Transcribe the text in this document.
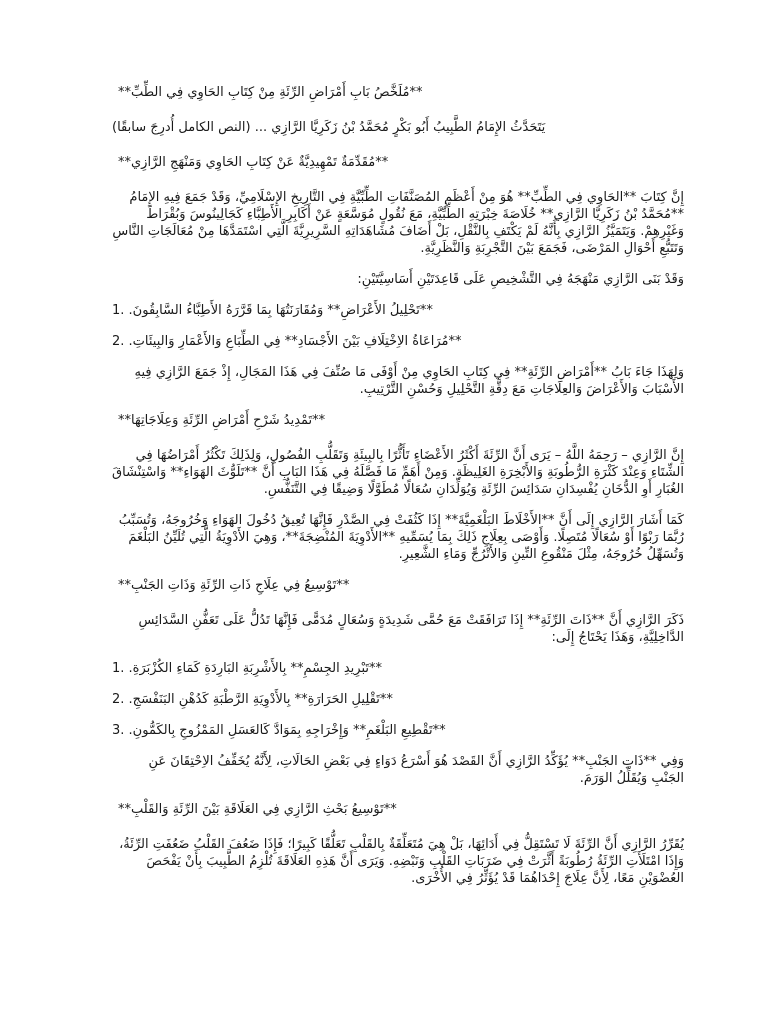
**مُلَخَّصُ بَابِ أَمْرَاضِ الرِّئَةِ مِنْ كِتَابِ الحَاوِي فِي الطِّبِّ**

يَتَحَدَّثُ الإِمَامُ الطَّبِيبُ أَبُو بَكْرٍ مُحَمَّدُ بْنُ زَكَرِيَّا الرَّازِي ... (النص الكامل أُدرِجَ سابقًا)

**مُقَدِّمَةٌ تَمْهِيدِيَّةٌ عَنْ كِتَابِ الحَاوِي وَمَنْهَجِ الرَّازِي**

إِنَّ كِتَابَ **الحَاوِي فِي الطِّبِّ** هُوَ مِنْ أَعْظَمِ المُصَنَّفَاتِ الطِّبِّيَّةِ فِي التَّارِيخِ الإِسْلَامِيِّ، وَقَدْ جَمَعَ فِيهِ الإِمَامُ **مُحَمَّدُ بْنُ زَكَرِيَّا الرَّازِي** خُلَاصَةَ خِبْرَتِهِ الطِّبِّيَّةِ، مَعَ نُقُولٍ مُوَسَّعَةٍ عَنْ أَكَابِرِ الأَطِبَّاءِ كَجَالِينُوسَ وَبُقْرَاطَ وَغَيْرِهِمْ. وَيَتَمَيَّزُ الرَّازِي بِأَنَّهُ لَمْ يَكْتَفِ بِالنَّقْلِ، بَلْ أَضَافَ مُشَاهَدَاتِهِ السَّرِيرِيَّةَ الَّتِي اسْتَمَدَّهَا مِنْ مُعَالَجَاتِ النَّاسِ وَتَتَبُّعِ أَحْوَالِ المَرْضَى، فَجَمَعَ بَيْنَ التَّجْرِبَةِ وَالنَّظَرِيَّةِ.

وَقَدْ بَنَى الرَّازِي مَنْهَجَهُ فِي التَّشْخِيصِ عَلَى قَاعِدَتَيْنِ أَسَاسِيَّتَيْنِ:

1. **تَحْلِيلُ الأَعْرَاضِ** وَمُقَارَنَتُهَا بِمَا قَرَّرَهُ الأَطِبَّاءُ السَّابِقُونَ.

2. **مُرَاعَاةُ الاِخْتِلَافِ بَيْنَ الأَجْسَادِ** فِي الطِّبَاعِ وَالأَعْمَارِ وَالبِيئَاتِ.

وَلِهَذَا جَاءَ بَابُ **أَمْرَاضِ الرِّئَةِ** فِي كِتَابِ الحَاوِي مِنْ أَوْفَى مَا صُنِّفَ فِي هَذَا المَجَالِ، إِذْ جَمَعَ الرَّازِي فِيهِ الأَسْبَابَ وَالأَعْرَاضَ وَالعِلَاجَاتِ مَعَ دِقَّةِ التَّحْلِيلِ وَحُسْنِ التَّرْتِيبِ.

**تَمْدِيدُ شَرْحِ أَمْرَاضِ الرِّئَةِ وَعِلَاجَاتِهَا**

إِنَّ الرَّازِي – رَحِمَهُ اللَّهُ – يَرَى أَنَّ الرِّئَةَ أَكْثَرُ الأَعْضَاءِ تَأَثُّرًا بِالبِيئَةِ وَتَقَلُّبِ الفُصُولِ، وَلِذَلِكَ تَكْثُرُ أَمْرَاضُهَا فِي الشِّتَاءِ وَعِنْدَ كَثْرَةِ الرُّطُوبَةِ وَالأَبْخِرَةِ الغَلِيظَةِ. وَمِنْ أَهَمِّ مَا فَصَّلَهُ فِي هَذَا البَابِ أَنَّ **تَلَوُّثَ الهَوَاءِ** وَاسْتِنْشَاقَ الغُبَارِ أَوِ الدُّخَانِ يُفْسِدَانِ سَدَائِسَ الرِّئَةِ وَيُوَلِّدَانِ سُعَالًا مُطَوَّلًا وَضِيقًا فِي التَّنَفُّسِ.

كَمَا أَشَارَ الرَّازِي إِلَى أَنَّ **الأَخْلَاطَ البَلْغَمِيَّةَ** إِذَا كَثُفَتْ فِي الصَّدْرِ فَإِنَّهَا تُعِيقُ دُخُولَ الهَوَاءِ وَخُرُوجَهُ، وَتُسَبِّبُ رُبَّمَا رَبْوًا أَوْ سُعَالًا مُتَصِلًا. وَأَوْصَى بِعِلَاجِ ذَلِكَ بِمَا يُسَمِّيهِ **الأَدْوِيَةَ المُنْضِجَةَ**، وَهِيَ الأَدْوِيَةُ الَّتِي تُلَيِّنُ البَلْغَمَ وَتُسَهِّلُ خُرُوجَهُ، مِثْلَ مَنْقُوعِ التِّينِ وَالأَتْرُجِّ وَمَاءِ الشَّعِيرِ.

**تَوْسِيعُ فِي عِلَاجِ ذَاتِ الرِّئَةِ وَذَاتِ الجَنْبِ**

ذَكَرَ الرَّازِي أَنَّ **ذَاتَ الرِّئَةِ** إِذَا تَرَافَقَتْ مَعَ حُمَّى شَدِيدَةٍ وَسُعَالٍ مُدَمًّى فَإِنَّهَا تَدُلُّ عَلَى تَعَفُّنِ السَّدَائِسِ الدَّاخِلِيَّةِ، وَهَذَا يَحْتَاجُ إِلَى:

1. **تَبْرِيدِ الجِسْمِ** بِالأَشْرِبَةِ البَارِدَةِ كَمَاءِ الكُزْبَرَةِ.

2. **تَقْلِيلِ الحَرَارَةِ** بِالأَدْوِيَةِ الرَّطْبَةِ كَدُهْنِ البَنَفْسَجِ.

3. **تَقْطِيعِ البَلْغَمِ** وَإِخْرَاجِهِ بِمَوَادَّ كَالعَسَلِ المَمْزُوجِ بِالكَمُّونِ.

وَفِي **ذَاتِ الجَنْبِ** يُؤَكِّدُ الرَّازِي أَنَّ القَصْدَ هُوَ أَسْرَعُ دَوَاءٍ فِي بَعْضِ الحَالَاتِ، لِأَنَّهُ يُخَفِّفُ الاِحْتِقَانَ عَنِ الجَنْبِ وَيُقَلِّلُ الوَرَمَ.

**تَوْسِيعُ بَحْثِ الرَّازِي فِي العَلَاقَةِ بَيْنَ الرِّئَةِ وَالقَلْبِ**

يُقَرِّرُ الرَّازِي أَنَّ الرِّئَةَ لَا تَسْتَقِلُّ فِي أَدَائِهَا، بَلْ هِيَ مُتَعَلِّقَةٌ بِالقَلْبِ تَعَلُّقًا كَبِيرًا؛ فَإِذَا ضَعُفَ القَلْبُ ضَعُفَتِ الرِّئَةُ، وَإِذَا امْتَلَأَتِ الرِّئَةُ رُطُوبَةً أَثَّرَتْ فِي ضَرَبَاتِ القَلْبِ وَنَبْضِهِ. وَيَرَى أَنَّ هَذِهِ العَلَاقَةَ تُلْزِمُ الطَّبِيبَ بِأَنْ يَفْحَصَ العُضْوَيْنِ مَعًا، لِأَنَّ عِلَاجَ إِحْدَاهُمَا قَدْ يُؤَثِّرُ فِي الأُخْرَى.
